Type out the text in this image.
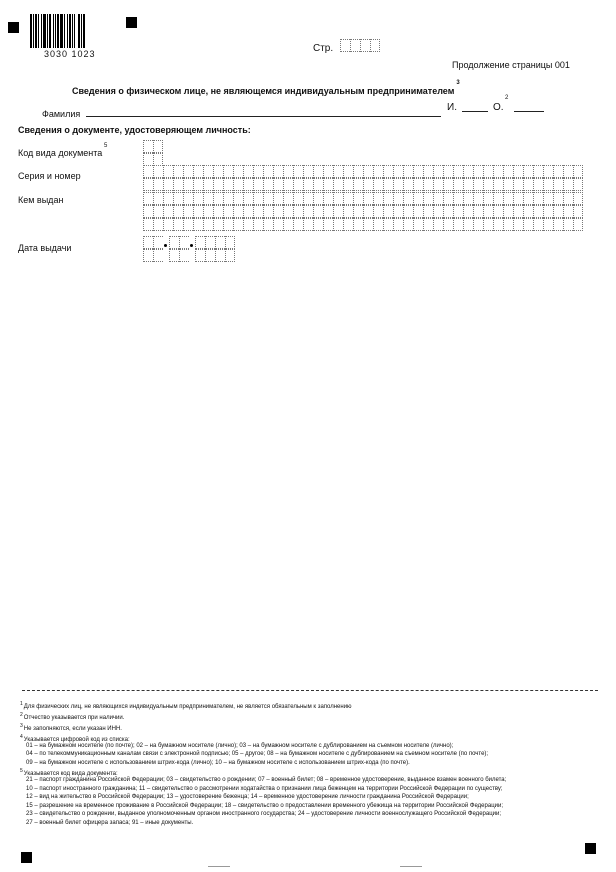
3030 1023	Стр.
Продолжение страницы 001
Сведения о физическом лице, не являющемся индивидуальным предпринимателем$^3$
Фамилия
И.	О.
2
Сведения о документе, удостоверяющем личность:
Код вида документа
5
Серия и номер
Кем выдан
Дата выдачи
$^1$Для физических лиц, не являющихся индивидуальным предпринимателем, не является обязательным к заполнению
$^2$Отчество указывается при наличии.
$^3$Не заполняются, если указан ИНН.
$^4$Указывается цифровой код из списка:
01 – на бумажном носителе (по почте); 02 – на бумажном носителе (лично); 03 – на бумажном носителе с дублированием на съемном носителе (лично);
04 – по телекоммуникационным каналам связи с электронной подписью; 05 – другое; 08 – на бумажном носителе с дублированием на съемном носителе (по почте);
09 – на бумажном носителе с использованием штрих-кода (лично); 10 – на бумажном носителе с использованием штрих-кода (по почте).
$^5$Указывается код вида документа:
21 – паспорт гражданина Российской Федерации; 03 – свидетельство о рождении; 07 – военный билет; 08 – временное удостоверение, выданное взамен военного билета;
10 – паспорт иностранного гражданина; 11 – свидетельство о рассмотрении ходатайства о признании лица беженцем на территории Российской Федерации по существу;
12 – вид на жительство в Российской Федерации; 13 – удостоверение беженца; 14 – временное удостоверение личности гражданина Российской Федерации;
15 – разрешение на временное проживание в Российской Федерации; 18 – свидетельство о предоставлении временного убежища на территории Российской Федерации;
23 – свидетельство о рождении, выданное уполномоченным органом иностранного государства; 24 – удостоверение личности военнослужащего Российской Федерации;
27 – военный билет офицера запаса; 91 – иные документы.
